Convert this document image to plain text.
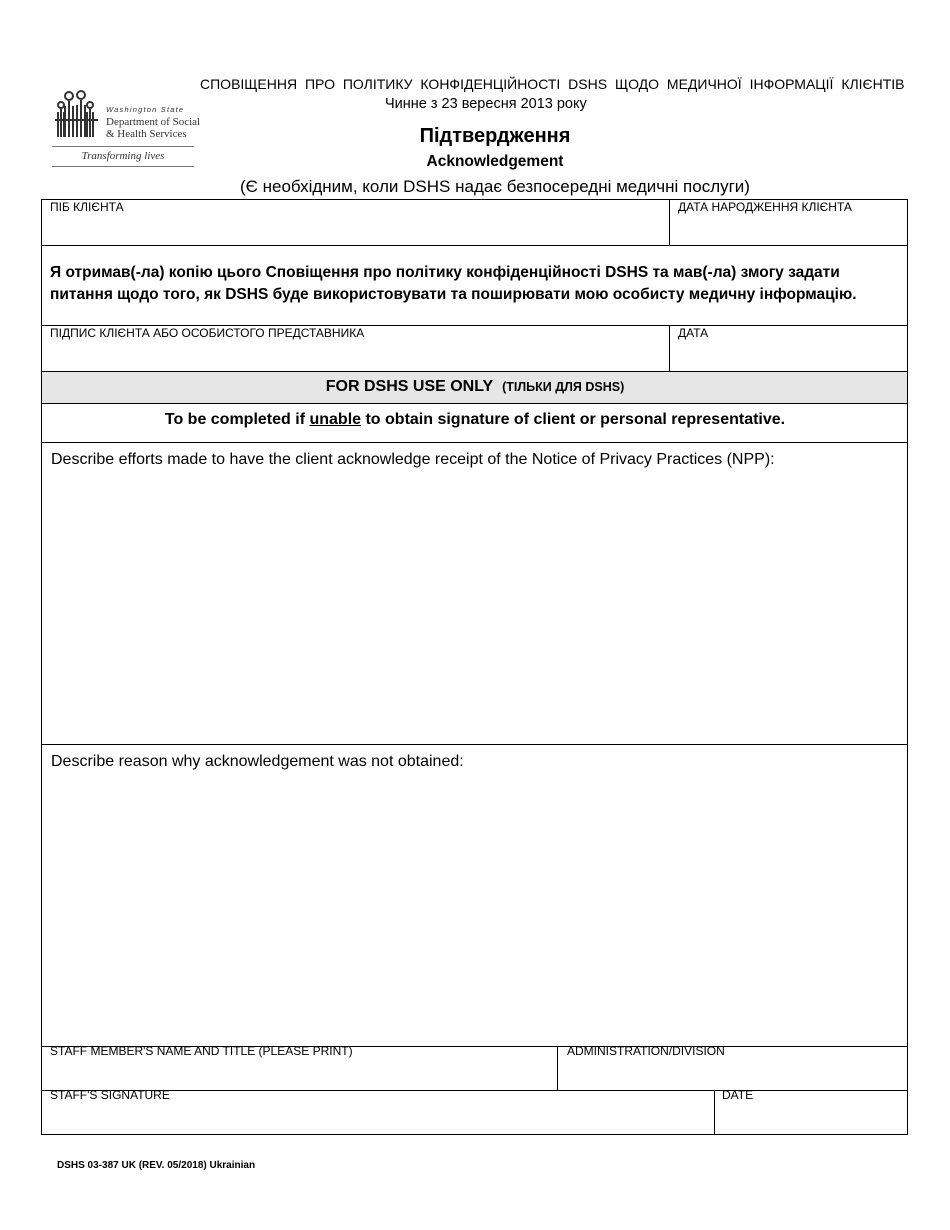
Washington State
Department of Social
& Health Services
Transforming lives
СПОВІЩЕННЯ ПРО ПОЛІТИКУ КОНФІДЕНЦІЙНОСТІ DSHS ЩОДО МЕДИЧНОЇ ІНФОРМАЦІЇ КЛІЄНТІВ
Чинне з 23 вересня 2013 року
Підтвердження
Acknowledgement
(Є необхідним, коли DSHS надає безпосередні медичні послуги)
ПІБ КЛІЄНТА	ДАТА НАРОДЖЕННЯ КЛІЄНТА
Я отримав(-ла) копію цього Сповіщення про політику конфіденційності DSHS та мав(-ла) змогу задати питання щодо того, як DSHS буде використовувати та поширювати мою особисту медичну інформацію.
ПІДПИС КЛІЄНТА АБО ОСОБИСТОГО ПРЕДСТАВНИКА	ДАТА
FOR DSHS USE ONLY (ТІЛЬКИ ДЛЯ DSHS)
To be completed if unable to obtain signature of client or personal representative.
Describe efforts made to have the client acknowledge receipt of the Notice of Privacy Practices (NPP):
Describe reason why acknowledgement was not obtained:
STAFF MEMBER'S NAME AND TITLE (PLEASE PRINT)	ADMINISTRATION/DIVISION
STAFF'S SIGNATURE	DATE
DSHS 03-387 UK (REV. 05/2018) Ukrainian
